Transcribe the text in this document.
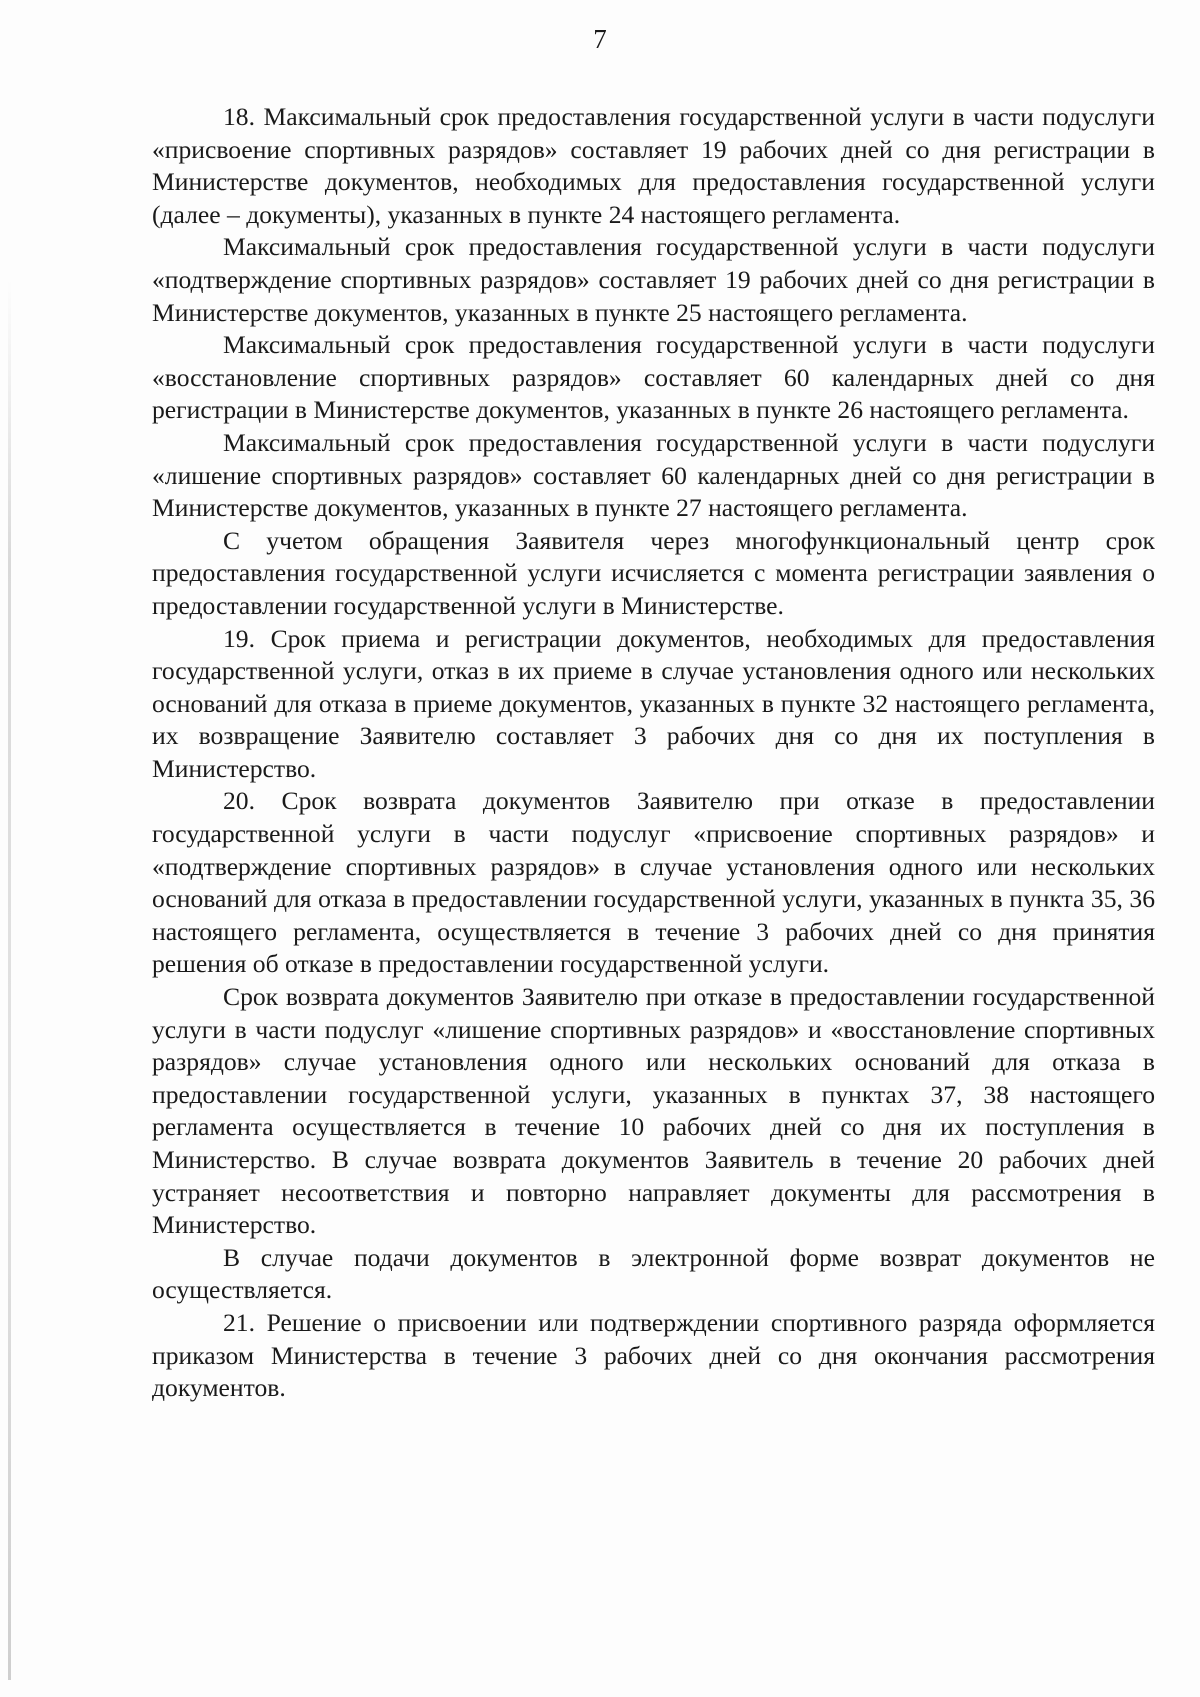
7

18. Максимальный срок предоставления государственной услуги в части подуслуги «присвоение спортивных разрядов» составляет 19 рабочих дней со дня регистрации в Министерстве документов, необходимых для предоставления государственной услуги (далее – документы), указанных в пункте 24 настоящего регламента.

Максимальный срок предоставления государственной услуги в части подуслуги «подтверждение спортивных разрядов» составляет 19 рабочих дней со дня регистрации в Министерстве документов, указанных в пункте 25 настоящего регламента.

Максимальный срок предоставления государственной услуги в части подуслуги «восстановление спортивных разрядов» составляет 60 календарных дней со дня регистрации в Министерстве документов, указанных в пункте 26 настоящего регламента.

Максимальный срок предоставления государственной услуги в части подуслуги «лишение спортивных разрядов» составляет 60 календарных дней со дня регистрации в Министерстве документов, указанных в пункте 27 настоящего регламента.

С учетом обращения Заявителя через многофункциональный центр срок предоставления государственной услуги исчисляется с момента регистрации заявления о предоставлении государственной услуги в Министерстве.

19. Срок приема и регистрации документов, необходимых для предоставления государственной услуги, отказ в их приеме в случае установления одного или нескольких оснований для отказа в приеме документов, указанных в пункте 32 настоящего регламента, их возвращение Заявителю составляет 3 рабочих дня со дня их поступления в Министерство.

20. Срок возврата документов Заявителю при отказе в предоставлении государственной услуги в части подуслуг «присвоение спортивных разрядов» и «подтверждение спортивных разрядов» в случае установления одного или нескольких оснований для отказа в предоставлении государственной услуги, указанных в пункта 35, 36 настоящего регламента, осуществляется в течение 3 рабочих дней со дня принятия решения об отказе в предоставлении государственной услуги.

Срок возврата документов Заявителю при отказе в предоставлении государственной услуги в части подуслуг «лишение спортивных разрядов» и «восстановление спортивных разрядов» случае установления одного или нескольких оснований для отказа в предоставлении государственной услуги, указанных в пунктах 37, 38 настоящего регламента осуществляется в течение 10 рабочих дней со дня их поступления в Министерство. В случае возврата документов Заявитель в течение 20 рабочих дней устраняет несоответствия и повторно направляет документы для рассмотрения в Министерство.

В случае подачи документов в электронной форме возврат документов не осуществляется.

21. Решение о присвоении или подтверждении спортивного разряда оформляется приказом Министерства в течение 3 рабочих дней со дня окончания рассмотрения документов.
